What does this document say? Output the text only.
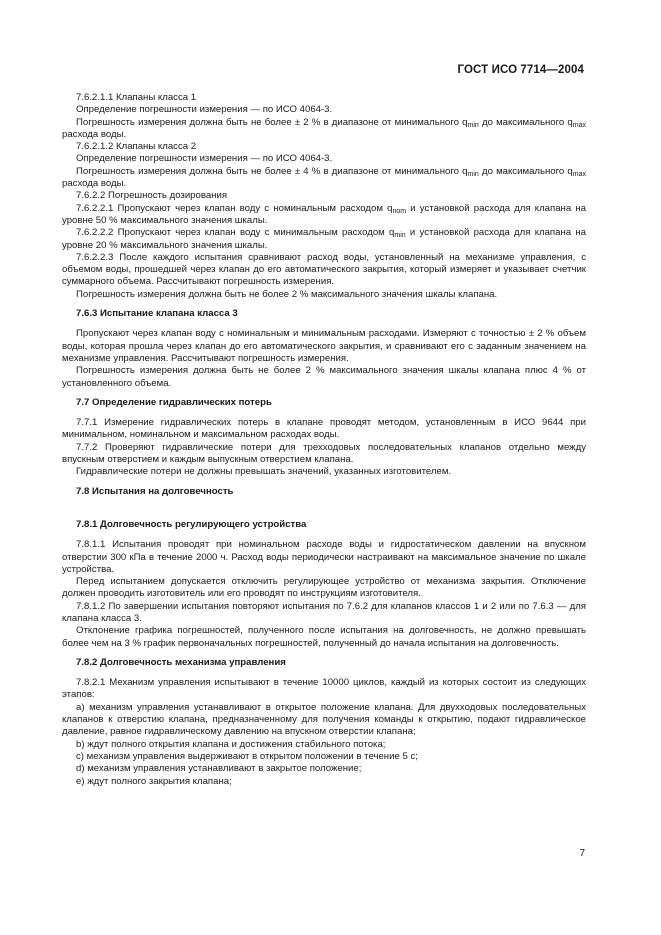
ГОСТ ИСО 7714—2004

7.6.2.1.1 Клапаны класса 1

Определение погрешности измерения — по ИСО 4064-3.

Погрешность измерения должна быть не более ± 2 % в диапазоне от минимального $q_{min}$ до максимального $q_{max}$ расхода воды.

7.6.2.1.2 Клапаны класса 2

Определение погрешности измерения — по ИСО 4064-3.

Погрешность измерения должна быть не более ± 4 % в диапазоне от минимального $q_{min}$ до максимального $q_{max}$ расхода воды.

7.6.2.2 Погрешность дозирования

7.6.2.2.1 Пропускают через клапан воду с номинальным расходом $q_{nom}$ и установкой расхода для клапана на уровне 50 % максимального значения шкалы.

7.6.2.2.2 Пропускают через клапан воду с минимальным расходом $q_{min}$ и установкой расхода для клапана на уровне 20 % максимального значения шкалы.

7.6.2.2.3 После каждого испытания сравнивают расход воды, установленный на механизме управления, с объемом воды, прошедшей через клапан до его автоматического закрытия, который измеряет и указывает счетчик суммарного объема. Рассчитывают погрешность измерения.

Погрешность измерения должна быть не более 2 % максимального значения шкалы клапана.

7.6.3 Испытание клапана класса 3

Пропускают через клапан воду с номинальным и минимальным расходами. Измеряют с точностью ± 2 % объем воды, которая прошла через клапан до его автоматического закрытия, и сравнивают его с заданным значением на механизме управления. Рассчитывают погрешность измерения.

Погрешность измерения должна быть не более 2 % максимального значения шкалы клапана плюс 4 % от установленного объема.

7.7 Определение гидравлических потерь

7.7.1 Измерение гидравлических потерь в клапане проводят методом, установленным в ИСО 9644 при минимальном, номинальном и максимальном расходах воды.

7.7.2 Проверяют гидравлические потери для трехходовых последовательных клапанов отдельно между впускным отверстием и каждым выпускным отверстием клапана.

Гидравлические потери не должны превышать значений, указанных изготовителем.

7.8 Испытания на долговечность

7.8.1 Долговечность регулирующего устройства

7.8.1.1 Испытания проводят при номинальном расходе воды и гидростатическом давлении на впускном отверстии 300 кПа в течение 2000 ч. Расход воды периодически настраивают на максимальное значение по шкале устройства.

Перед испытанием допускается отключить регулирующее устройство от механизма закрытия. Отключение должен проводить изготовитель или его проводят по инструкциям изготовителя.

7.8.1.2 По завершении испытания повторяют испытания по 7.6.2 для клапанов классов 1 и 2 или по 7.6.3 — для клапана класса 3.

Отклонение графика погрешностей, полученного после испытания на долговечность, не должно превышать более чем на 3 % график первоначальных погрешностей, полученный до начала испытания на долговечность.

7.8.2 Долговечность механизма управления

7.8.2.1 Механизм управления испытывают в течение 10000 циклов, каждый из которых состоит из следующих этапов:

а) механизм управления устанавливают в открытое положение клапана. Для двухходовых последовательных клапанов к отверстию клапана, предназначенному для получения команды к открытию, подают гидравлическое давление, равное гидравлическому давлению на впускном отверстии клапана;

b) ждут полного открытия клапана и достижения стабильного потока;

c) механизм управления выдерживают в открытом положении в течение 5 с;

d) механизм управления устанавливают в закрытое положение;

e) ждут полного закрытия клапана;

7
